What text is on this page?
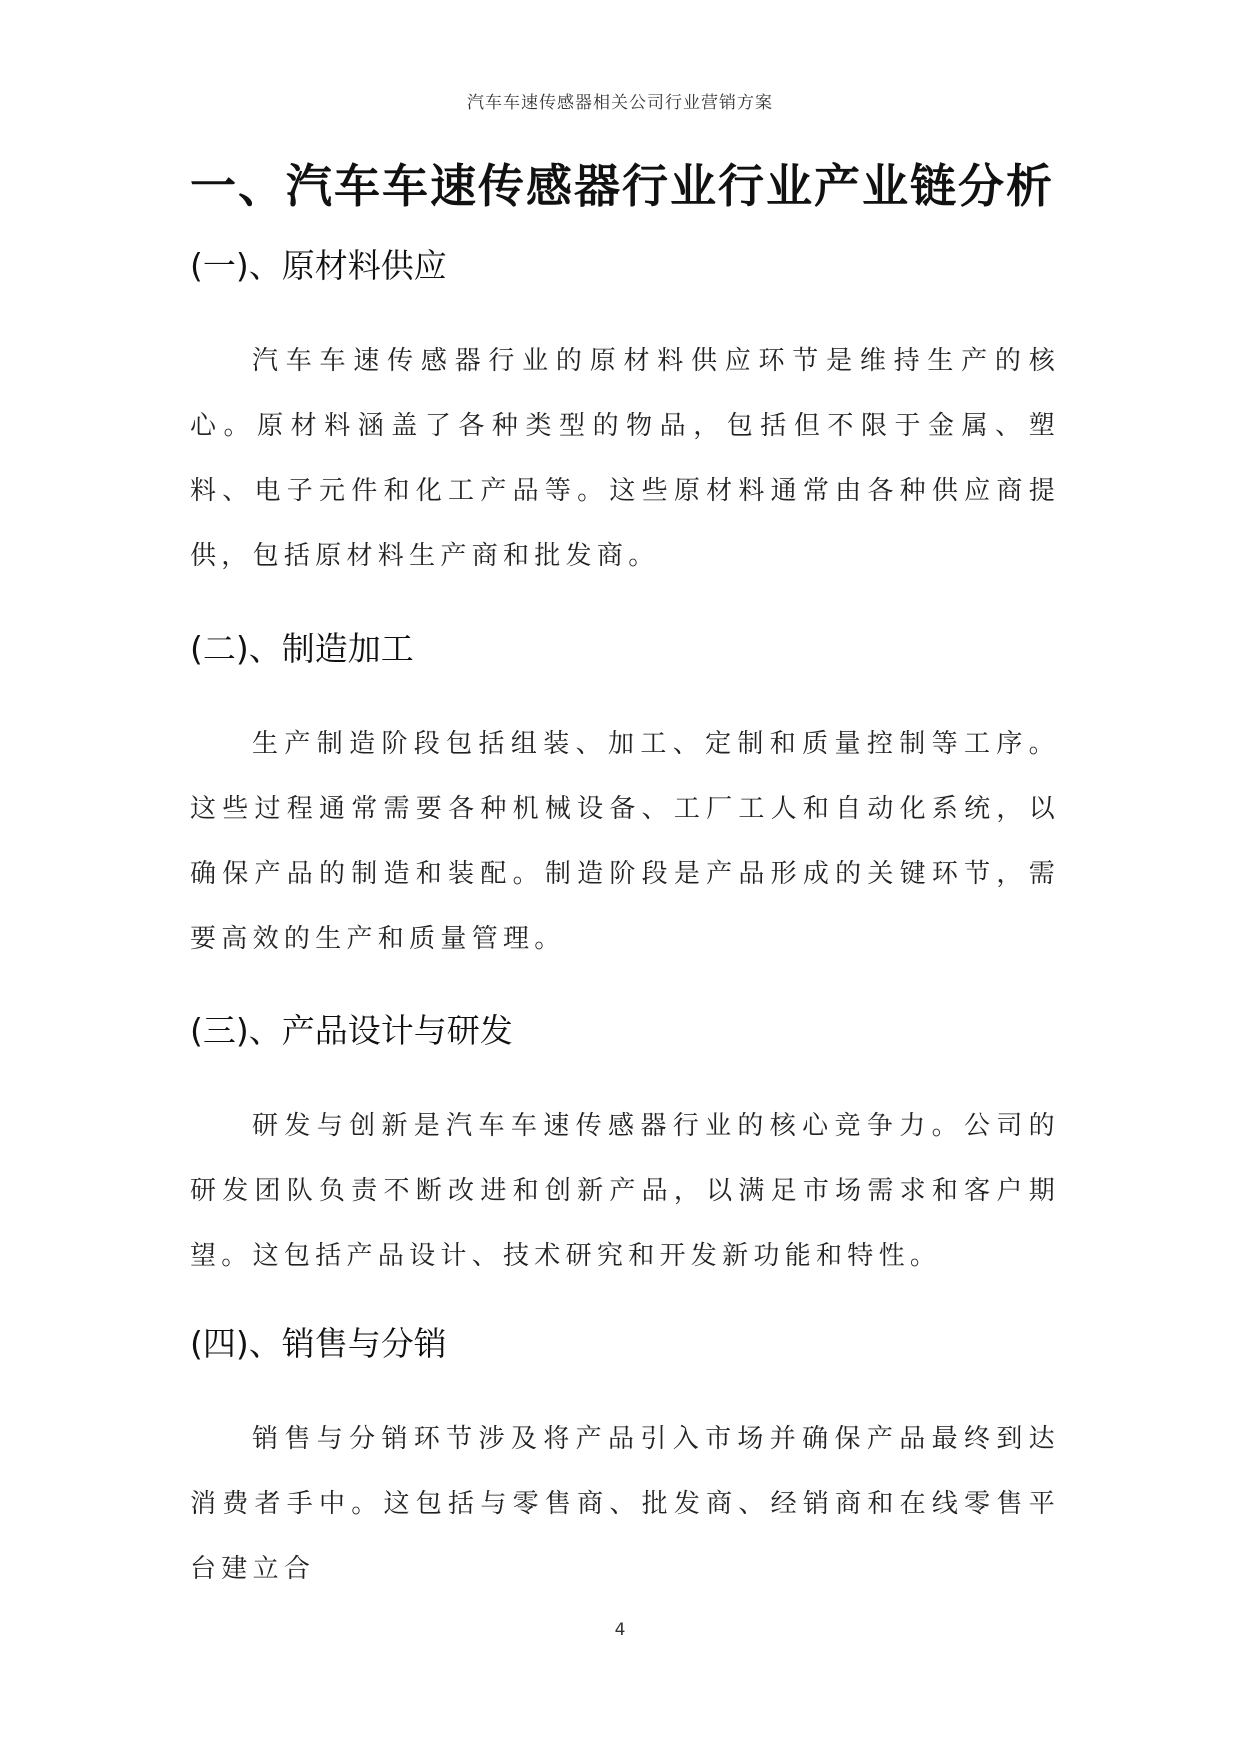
汽车车速传感器相关公司行业营销方案
一、汽车车速传感器行业行业产业链分析
(一)、原材料供应

汽车车速传感器行业的原材料供应环节是维持生产的核心。原材料涵盖了各种类型的物品，包括但不限于金属、塑料、电子元件和化工产品等。这些原材料通常由各种供应商提供，包括原材料生产商和批发商。

(二)、制造加工

生产制造阶段包括组装、加工、定制和质量控制等工序。这些过程通常需要各种机械设备、工厂工人和自动化系统，以确保产品的制造和装配。制造阶段是产品形成的关键环节，需要高效的生产和质量管理。

(三)、产品设计与研发

研发与创新是汽车车速传感器行业的核心竞争力。公司的研发团队负责不断改进和创新产品，以满足市场需求和客户期望。这包括产品设计、技术研究和开发新功能和特性。

(四)、销售与分销

销售与分销环节涉及将产品引入市场并确保产品最终到达消费者手中。这包括与零售商、批发商、经销商和在线零售平台建立合

4
